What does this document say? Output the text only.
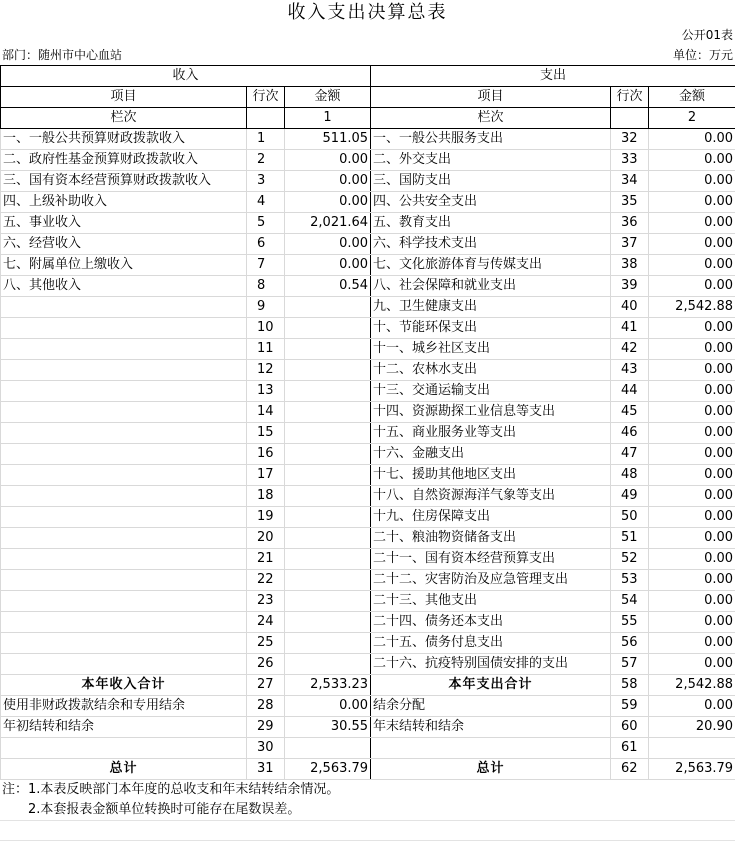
收入支出决算总表
公开01表
部门：随州市中心血站	单位：万元
收入			支出		
项目	行次	金额	项目	行次	金额
栏次		1	栏次		2
一、一般公共预算财政拨款收入	1	511.05	一、一般公共服务支出	32	0.00
二、政府性基金预算财政拨款收入	2	0.00	二、外交支出	33	0.00
三、国有资本经营预算财政拨款收入	3	0.00	三、国防支出	34	0.00
四、上级补助收入	4	0.00	四、公共安全支出	35	0.00
五、事业收入	5	2,021.64	五、教育支出	36	0.00
六、经营收入	6	0.00	六、科学技术支出	37	0.00
七、附属单位上缴收入	7	0.00	七、文化旅游体育与传媒支出	38	0.00
八、其他收入	8	0.54	八、社会保障和就业支出	39	0.00
	9		九、卫生健康支出	40	2,542.88
	10		十、节能环保支出	41	0.00
	11		十一、城乡社区支出	42	0.00
	12		十二、农林水支出	43	0.00
	13		十三、交通运输支出	44	0.00
	14		十四、资源勘探工业信息等支出	45	0.00
	15		十五、商业服务业等支出	46	0.00
	16		十六、金融支出	47	0.00
	17		十七、援助其他地区支出	48	0.00
	18		十八、自然资源海洋气象等支出	49	0.00
	19		十九、住房保障支出	50	0.00
	20		二十、粮油物资储备支出	51	0.00
	21		二十一、国有资本经营预算支出	52	0.00
	22		二十二、灾害防治及应急管理支出	53	0.00
	23		二十三、其他支出	54	0.00
	24		二十四、债务还本支出	55	0.00
	25		二十五、债务付息支出	56	0.00
	26		二十六、抗疫特别国债安排的支出	57	0.00
本年收入合计	27	2,533.23	本年支出合计	58	2,542.88
使用非财政拨款结余和专用结余	28	0.00	结余分配	59	0.00
年初结转和结余	29	30.55	年末结转和结余	60	20.90
	30			61	
总计	31	2,563.79	总计	62	2,563.79
注：1.本表反映部门本年度的总收支和年末结转结余情况。
　　2.本套报表金额单位转换时可能存在尾数误差。
